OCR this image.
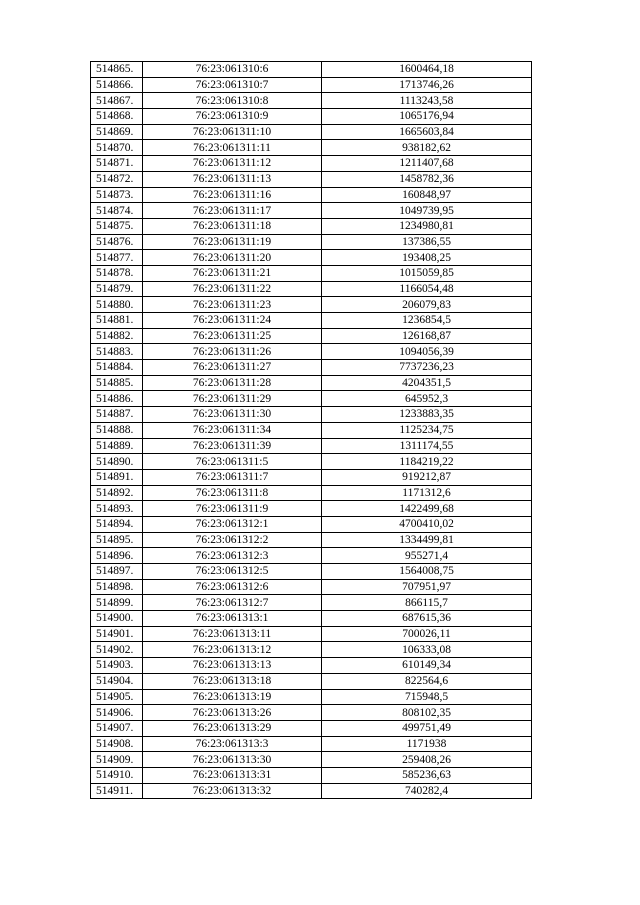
514865.	76:23:061310:6	1600464,18
514866.	76:23:061310:7	1713746,26
514867.	76:23:061310:8	1113243,58
514868.	76:23:061310:9	1065176,94
514869.	76:23:061311:10	1665603,84
514870.	76:23:061311:11	938182,62
514871.	76:23:061311:12	1211407,68
514872.	76:23:061311:13	1458782,36
514873.	76:23:061311:16	160848,97
514874.	76:23:061311:17	1049739,95
514875.	76:23:061311:18	1234980,81
514876.	76:23:061311:19	137386,55
514877.	76:23:061311:20	193408,25
514878.	76:23:061311:21	1015059,85
514879.	76:23:061311:22	1166054,48
514880.	76:23:061311:23	206079,83
514881.	76:23:061311:24	1236854,5
514882.	76:23:061311:25	126168,87
514883.	76:23:061311:26	1094056,39
514884.	76:23:061311:27	7737236,23
514885.	76:23:061311:28	4204351,5
514886.	76:23:061311:29	645952,3
514887.	76:23:061311:30	1233883,35
514888.	76:23:061311:34	1125234,75
514889.	76:23:061311:39	1311174,55
514890.	76:23:061311:5	1184219,22
514891.	76:23:061311:7	919212,87
514892.	76:23:061311:8	1171312,6
514893.	76:23:061311:9	1422499,68
514894.	76:23:061312:1	4700410,02
514895.	76:23:061312:2	1334499,81
514896.	76:23:061312:3	955271,4
514897.	76:23:061312:5	1564008,75
514898.	76:23:061312:6	707951,97
514899.	76:23:061312:7	866115,7
514900.	76:23:061313:1	687615,36
514901.	76:23:061313:11	700026,11
514902.	76:23:061313:12	106333,08
514903.	76:23:061313:13	610149,34
514904.	76:23:061313:18	822564,6
514905.	76:23:061313:19	715948,5
514906.	76:23:061313:26	808102,35
514907.	76:23:061313:29	499751,49
514908.	76:23:061313:3	1171938
514909.	76:23:061313:30	259408,26
514910.	76:23:061313:31	585236,63
514911.	76:23:061313:32	740282,4
